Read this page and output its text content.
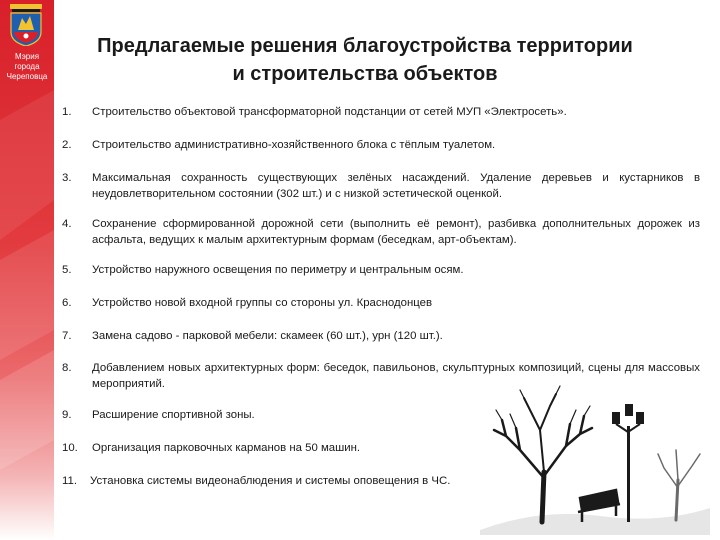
Мэрия
города
Череповца
Предлагаемые решения благоустройства территории
и строительства объектов
1. Строительство объектовой трансформаторной подстанции от сетей МУП «Электросеть».
2. Строительство административно-хозяйственного блока с тёплым туалетом.
3. Максимальная сохранность существующих зелёных насаждений. Удаление деревьев и кустарников в неудовлетворительном состоянии (302 шт.) и с низкой эстетической оценкой.
4. Сохранение сформированной дорожной сети (выполнить её ремонт), разбивка дополнительных дорожек из асфальта, ведущих к малым архитектурным формам (беседкам, арт-объектам).
5. Устройство наружного освещения по периметру и центральным осям.
6. Устройство новой входной группы со стороны ул. Краснодонцев
7. Замена садово - парковой мебели: скамеек (60 шт.), урн (120 шт.).
8. Добавлением новых архитектурных форм: беседок, павильонов, скульптурных композиций, сцены для массовых мероприятий.
9. Расширение спортивной зоны.
10. Организация парковочных карманов на 50 машин.
11. Установка системы видеонаблюдения и системы оповещения в ЧС.
